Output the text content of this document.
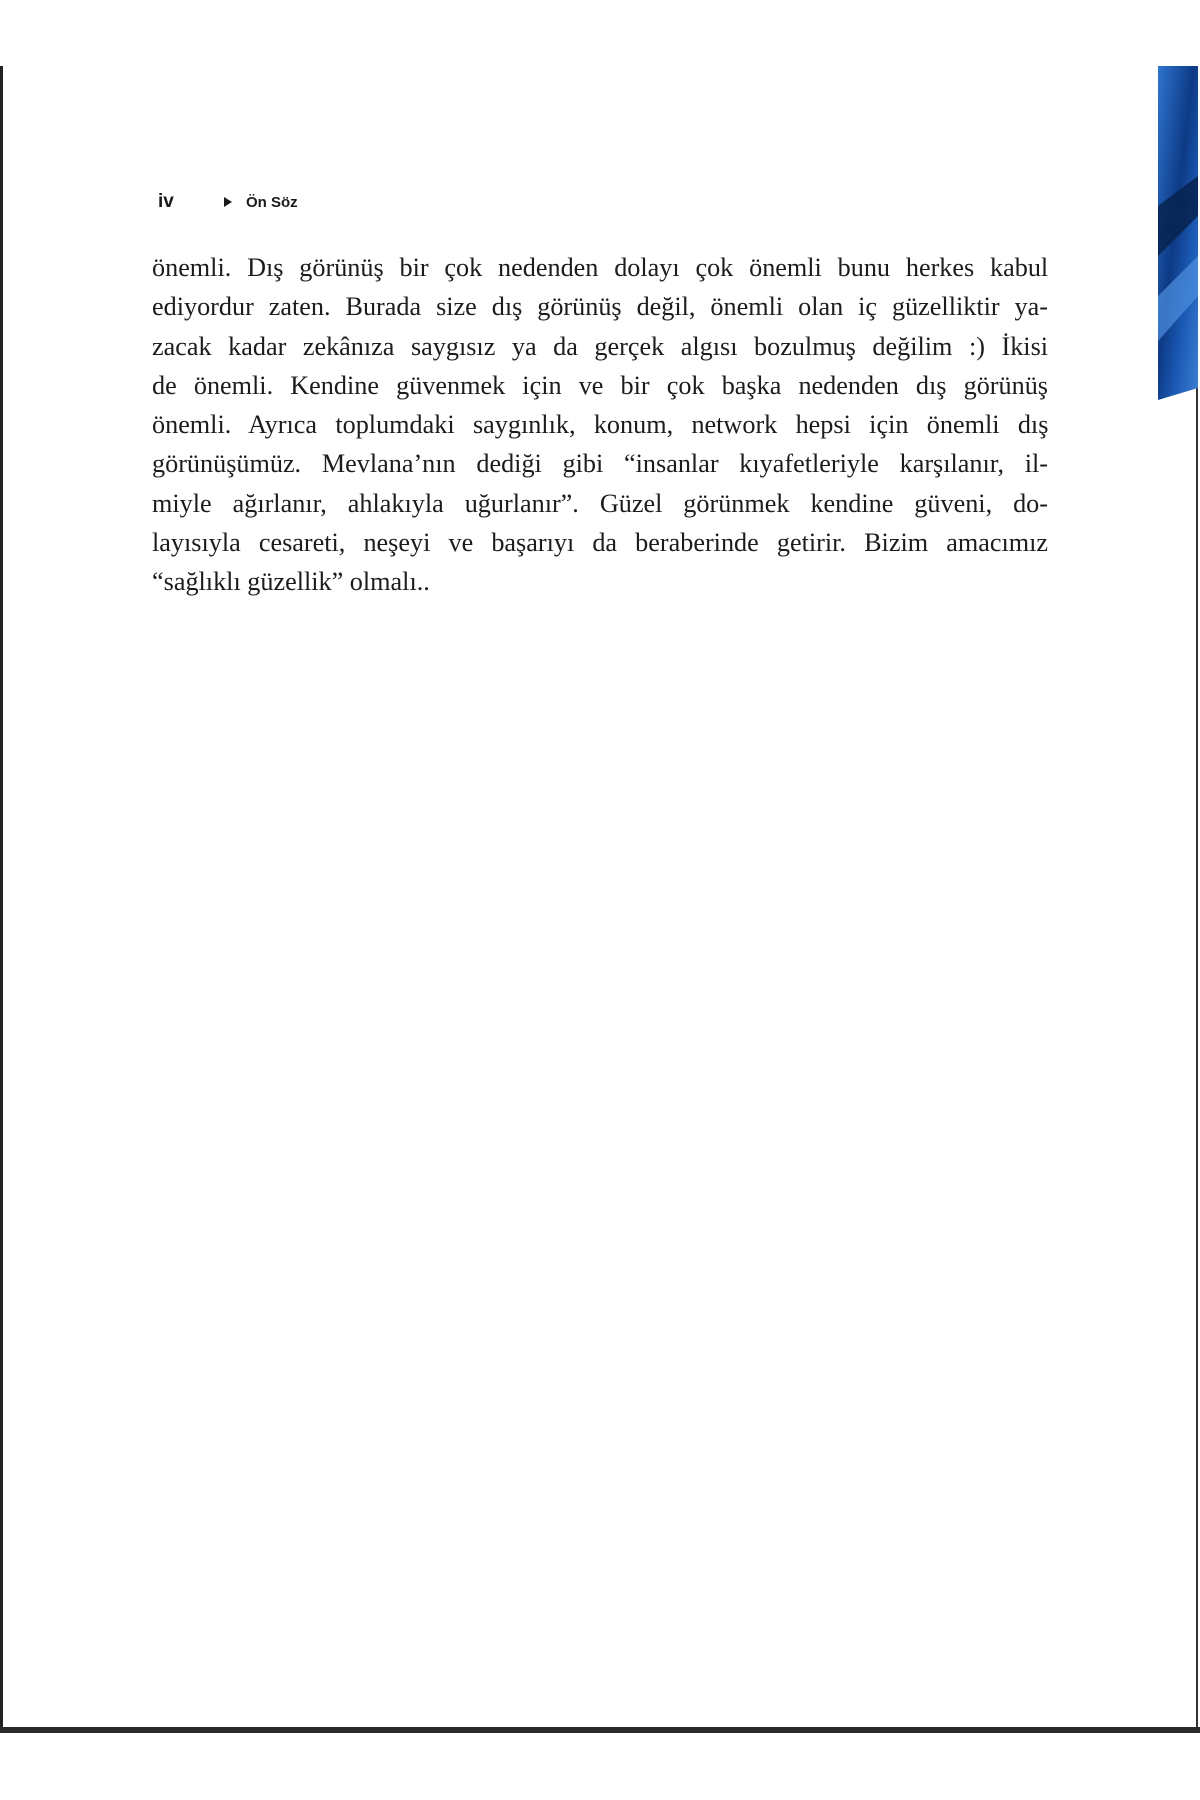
iv	Ön Söz

önemli. Dış görünüş bir çok nedenden dolayı çok önemli bunu herkes kabul
ediyordur zaten. Burada size dış görünüş değil, önemli olan iç güzelliktir ya-
zacak kadar zekânıza saygısız ya da gerçek algısı bozulmuş değilim :) İkisi
de önemli. Kendine güvenmek için ve bir çok başka nedenden dış görünüş
önemli. Ayrıca toplumdaki saygınlık, konum, network hepsi için önemli dış
görünüşümüz. Mevlana’nın dediği gibi “insanlar kıyafetleriyle karşılanır, il-
miyle ağırlanır, ahlakıyla uğurlanır”. Güzel görünmek kendine güveni, do-
layısıyla cesareti, neşeyi ve başarıyı da beraberinde getirir. Bizim amacımız
“sağlıklı güzellik” olmalı..
